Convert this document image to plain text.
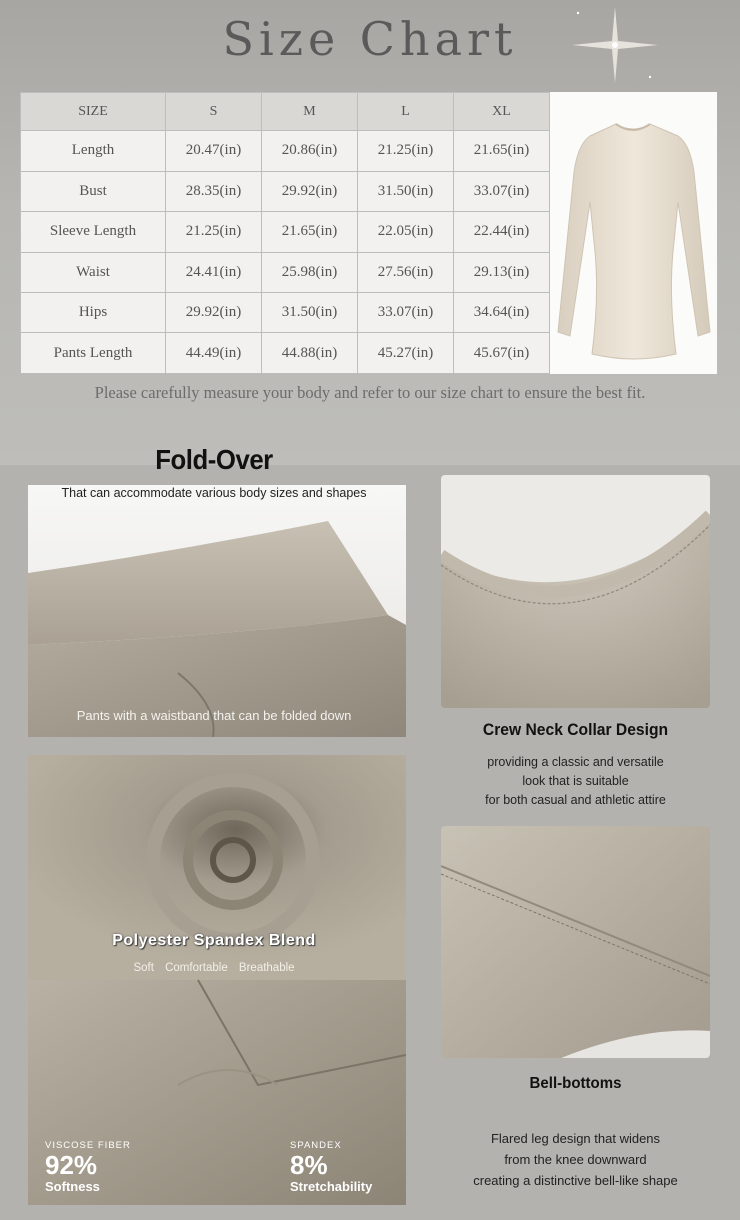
Size Chart
SIZE	S	M	L	XL
Length	20.47(in)	20.86(in)	21.25(in)	21.65(in)
Bust	28.35(in)	29.92(in)	31.50(in)	33.07(in)
Sleeve Length	21.25(in)	21.65(in)	22.05(in)	22.44(in)
Waist	24.41(in)	25.98(in)	27.56(in)	29.13(in)
Hips	29.92(in)	31.50(in)	33.07(in)	34.64(in)
Pants Length	44.49(in)	44.88(in)	45.27(in)	45.67(in)
Please carefully measure your body and refer to our size chart to ensure the best fit.
Fold-Over
That can accommodate various body sizes and shapes
Pants with a waistband that can be folded down
Crew Neck Collar Design
providing a classic and versatile
look that is suitable
for both casual and athletic attire
Polyester Spandex Blend
Soft Comfortable Breathable
VISCOSE FIBER
92%
Softness
SPANDEX
8%
Stretchability
Bell-bottoms
Flared leg design that widens
from the knee downward
creating a distinctive bell-like shape
